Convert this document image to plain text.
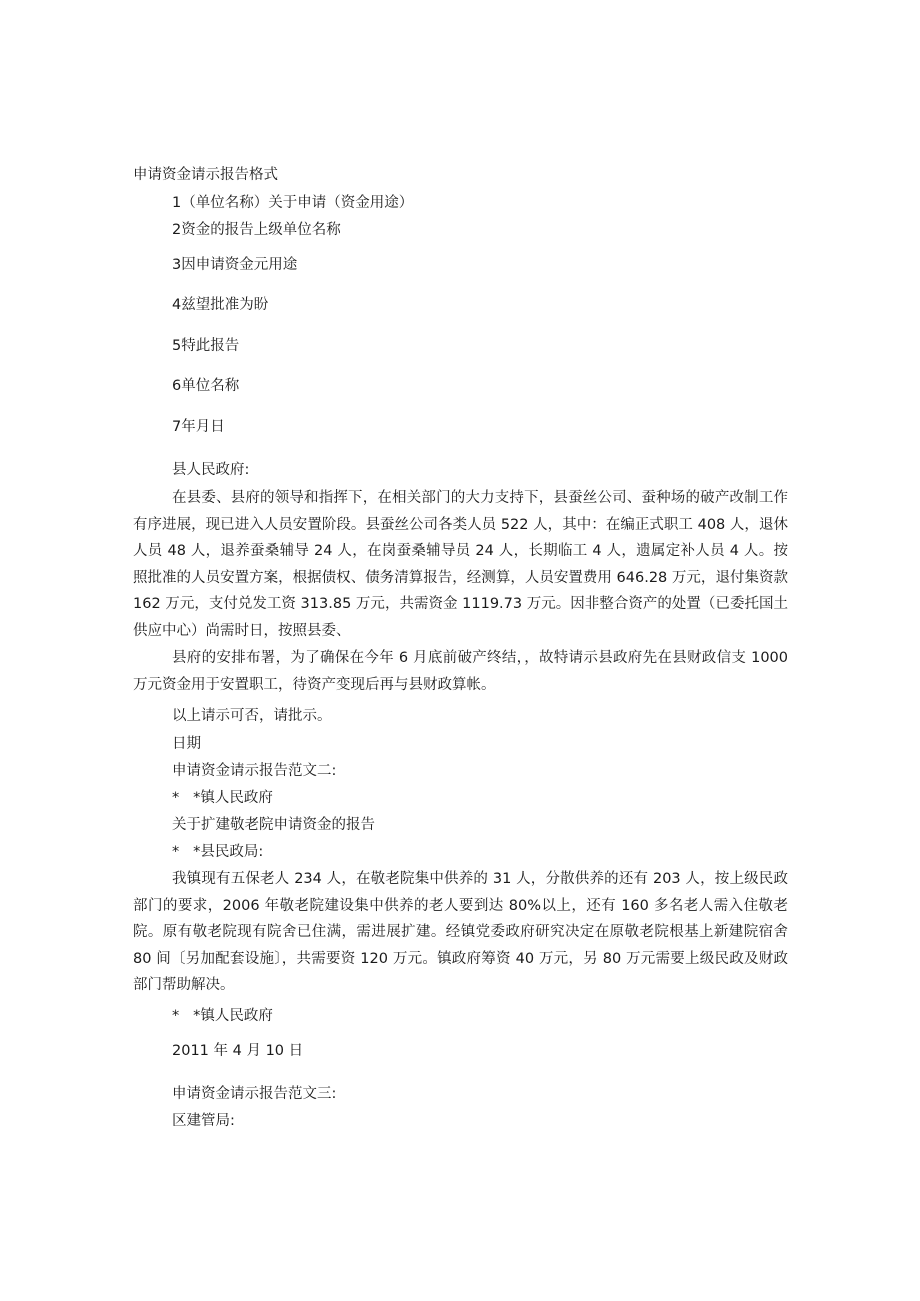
申请资金请示报告格式
1（单位名称）关于申请（资金用途）
2资金的报告上级单位名称
3因申请资金元用途
4兹望批准为盼
5特此报告
6单位名称
7年月日
县人民政府:
在县委、县府的领导和指挥下，在相关部门的大力支持下，县蚕丝公司、蚕种场的破产改制工作有序进展，现已进入人员安置阶段。县蚕丝公司各类人员 522 人，其中：在编正式职工 408 人，退休人员 48 人，退养蚕桑辅导 24 人，在岗蚕桑辅导员 24 人，长期临工 4 人，遗属定补人员 4 人。按照批准的人员安置方案，根据债权、债务清算报告，经测算，人员安置费用 646.28 万元，退付集资款 162 万元，支付兑发工资 313.85 万元，共需资金 1119.73 万元。因非整合资产的处置（已委托国土供应中心）尚需时日，按照县委、
县府的安排布署，为了确保在今年 6 月底前破产终结，，故特请示县政府先在县财政信支 1000 万元资金用于安置职工，待资产变现后再与县财政算帐。
以上请示可否，请批示。
日期
申请资金请示报告范文二:
*   *镇人民政府
关于扩建敬老院申请资金的报告
*   *县民政局:
我镇现有五保老人 234 人，在敬老院集中供养的 31 人，分散供养的还有 203 人，按上级民政部门的要求，2006 年敬老院建设集中供养的老人要到达 80%以上，还有 160 多名老人需入住敬老院。原有敬老院现有院舍已住满，需进展扩建。经镇党委政府研究决定在原敬老院根基上新建院宿舍 80 间〔另加配套设施〕，共需要资 120 万元。镇政府筹资 40 万元，另 80 万元需要上级民政及财政部门帮助解决。
*   *镇人民政府
2011 年 4 月 10 日
申请资金请示报告范文三:
区建管局:
